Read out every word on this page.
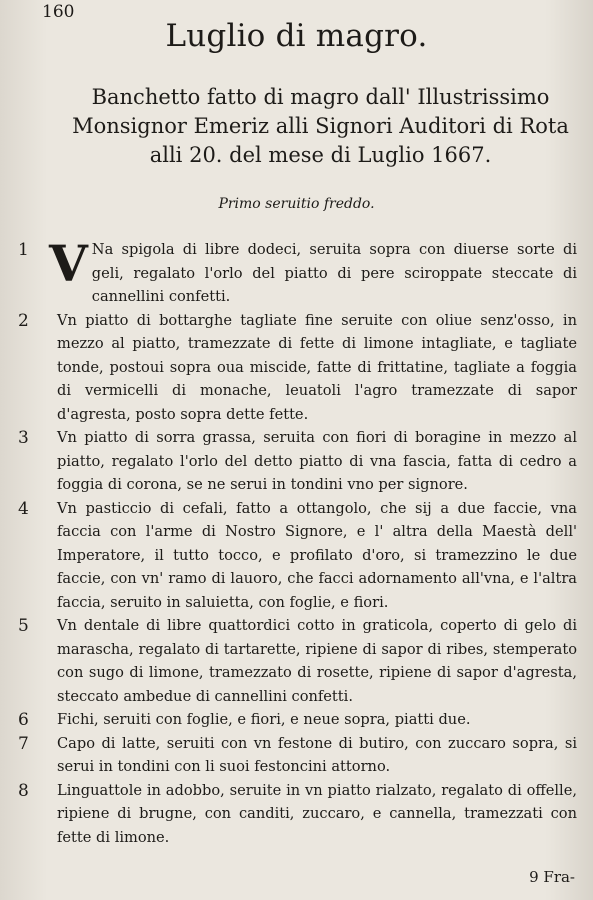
160
Luglio di magro.
Banchetto fatto di magro dall' Illustrissimo Monsignor Emeriz alli Signori Auditori di Rota alli 20. del mese di Luglio 1667.
Primo seruitio freddo.
1 V Na spigola di libre dodeci, seruita sopra con diuerse sorte di geli, regalato l'orlo del piatto di pere sciroppate steccate di cannellini confetti.
2 Vn piatto di bottarghe tagliate fine seruite con oliue senz'ossо, in mezzo al piatto, tramezzate di fette di limone intagliate, e tagliate tonde, postoui sopra oua miscide, fatte di frittatine, tagliate a foggia di vermicelli di monache, leuatoli l'agro tramezzate di sapor d'agresta, posto sopra dette fette.
3 Vn piatto di sorra grassa, seruita con fiori di boragine in mezzo al piatto, regalato l'orlo del detto piatto di vna fascia, fatta di cedro a foggia di corona, se ne serui in tondini vno per signore.
4 Vn pasticcio di cefali, fatto a ottangolo, che sij a due faccie, vna faccia con l'arme di Nostro Signore, e l' altra della Maestà dell' Imperatore, il tutto tocco, e profilato d'oro, si tramezzino le due faccie, con vn' ramo di lauoro, che facci adornamento all'vna, e l'altra faccia, seruito in saluietta, con foglie, e fiori.
5 Vn dentale di libre quattordici cotto in graticola, coperto di gelo di marascha, regalato di tartarette, ripiene di sapor di ribes, stemperato con sugo di limone, tramezzato di rosette, ripiene di sapor d'agresta, steccato ambedue di cannellini confetti.
6 Fichi, seruiti con foglie, e fiori, e neue sopra, piatti due.
7 Capo di latte, seruiti con vn festone di butiro, con zuccaro sopra, si serui in tondini con li suoi festoncini attorno.
8 Linguattole in adobbo, seruite in vn piatto rialzato, regalato di offelle, ripiene di brugne, con canditi, zuccaro, e cannella, tramezzati con fette di limone.
9 Fra-
